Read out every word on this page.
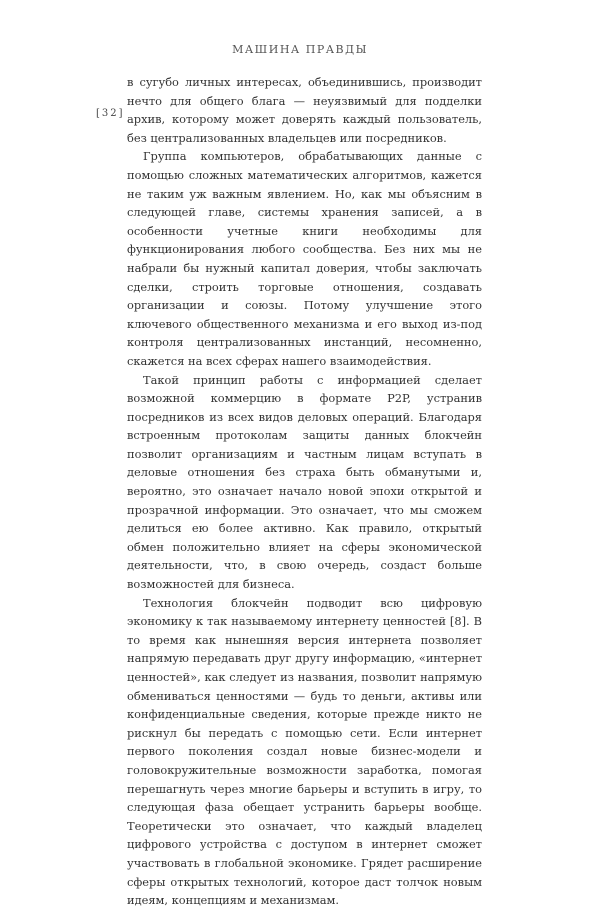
МАШИНА ПРАВДЫ
[32]

в сугубо личных интересах, объединившись, производит нечто для общего блага — неуязвимый для подделки архив, которому может доверять каждый пользователь, без централизованных владельцев или посредников.

Группа компьютеров, обрабатывающих данные с помощью сложных математических алгоритмов, кажется не таким уж важным явлением. Но, как мы объясним в следующей главе, системы хранения записей, а в особенности учетные книги необходимы для функционирования любого сообщества. Без них мы не набрали бы нужный капитал доверия, чтобы заключать сделки, строить торговые отношения, создавать организации и союзы. Потому улучшение этого ключевого общественного механизма и его выход из-под контроля централизованных инстанций, несомненно, скажется на всех сферах нашего взаимодействия.

Такой принцип работы с информацией сделает возможной коммерцию в формате P2P, устранив посредников из всех видов деловых операций. Благодаря встроенным протоколам защиты данных блокчейн позволит организациям и частным лицам вступать в деловые отношения без страха быть обманутыми и, вероятно, это означает начало новой эпохи открытой и прозрачной информации. Это означает, что мы сможем делиться ею более активно. Как правило, открытый обмен положительно влияет на сферы экономической деятельности, что, в свою очередь, создаст больше возможностей для бизнеса.

Технология блокчейн подводит всю цифровую экономику к так называемому интернету ценностей [8]. В то время как нынешняя версия интернета позволяет напрямую передавать друг другу информацию, «интернет ценностей», как следует из названия, позволит напрямую обмениваться ценностями — будь то деньги, активы или конфиденциальные сведения, которые прежде никто не рискнул бы передать с помощью сети. Если интернет первого поколения создал новые бизнес-модели и головокружительные возможности заработка, помогая перешагнуть через многие барьеры и вступить в игру, то следующая фаза обещает устранить барьеры вообще. Теоретически это означает, что каждый владелец цифрового устройства с доступом в интернет сможет участвовать в глобальной экономике. Грядет расширение сферы открытых технологий, которое даст толчок новым идеям, концепциям и механизмам.
